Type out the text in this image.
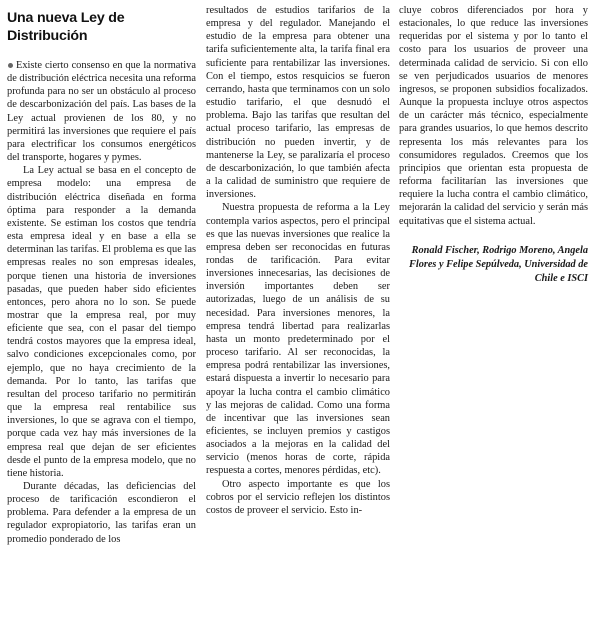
Una nueva Ley de Distribución

Existe cierto consenso en que la normativa de distribución eléctrica necesita una reforma profunda para no ser un obstáculo al proceso de descarbonización del país. Las bases de la Ley actual provienen de los 80, y no permitirá las inversiones que requiere el país para electrificar los consumos energéticos del transporte, hogares y pymes.

La Ley actual se basa en el concepto de empresa modelo: una empresa de distribución eléctrica diseñada en forma óptima para responder a la demanda existente. Se estiman los costos que tendría esta empresa ideal y en base a ella se determinan las tarifas. El problema es que las empresas reales no son empresas ideales, porque tienen una historia de inversiones pasadas, que pueden haber sido eficientes entonces, pero ahora no lo son. Se puede mostrar que la empresa real, por muy eficiente que sea, con el pasar del tiempo tendrá costos mayores que la empresa ideal, salvo condiciones excepcionales como, por ejemplo, que no haya crecimiento de la demanda. Por lo tanto, las tarifas que resultan del proceso tarifario no permitirán que la empresa real rentabilice sus inversiones, lo que se agrava con el tiempo, porque cada vez hay más inversiones de la empresa real que dejan de ser eficientes desde el punto de la empresa modelo, que no tiene historia.

Durante décadas, las deficiencias del proceso de tarificación escondieron el problema. Para defender a la empresa de un regulador expropiatorio, las tarifas eran un promedio ponderado de los

resultados de estudios tarifarios de la empresa y del regulador. Manejando el estudio de la empresa para obtener una tarifa suficientemente alta, la tarifa final era suficiente para rentabilizar las inversiones. Con el tiempo, estos resquicios se fueron cerrando, hasta que terminamos con un solo estudio tarifario, el que desnudó el problema. Bajo las tarifas que resultan del actual proceso tarifario, las empresas de distribución no pueden invertir, y de mantenerse la Ley, se paralizaría el proceso de descarbonización, lo que también afecta a la calidad de suministro que requiere de inversiones.

Nuestra propuesta de reforma a la Ley contempla varios aspectos, pero el principal es que las nuevas inversiones que realice la empresa deben ser reconocidas en futuras rondas de tarificación. Para evitar inversiones innecesarias, las decisiones de inversión importantes deben ser autorizadas, luego de un análisis de su necesidad. Para inversiones menores, la empresa tendrá libertad para realizarlas hasta un monto predeterminado por el proceso tarifario. Al ser reconocidas, la empresa podrá rentabilizar las inversiones, estará dispuesta a invertir lo necesario para apoyar la lucha contra el cambio climático y las mejoras de calidad. Como una forma de incentivar que las inversiones sean eficientes, se incluyen premios y castigos asociados a la mejoras en la calidad del servicio (menos horas de corte, rápida respuesta a cortes, menores pérdidas, etc).

Otro aspecto importante es que los cobros por el servicio reflejen los distintos costos de proveer el servicio. Esto in-

cluye cobros diferenciados por hora y estacionales, lo que reduce las inversiones requeridas por el sistema y por lo tanto el costo para los usuarios de proveer una determinada calidad de servicio. Si con ello se ven perjudicados usuarios de menores ingresos, se proponen subsidios focalizados. Aunque la propuesta incluye otros aspectos de un carácter más técnico, especialmente para grandes usuarios, lo que hemos descrito representa los más relevantes para los consumidores regulados. Creemos que los principios que orientan esta propuesta de reforma facilitarían las inversiones que requiere la lucha contra el cambio climático, mejorarán la calidad del servicio y serán más equitativas que el sistema actual.

Ronald Fischer, Rodrigo Moreno, Angela Flores y Felipe Sepúlveda, Universidad de Chile e ISCI
